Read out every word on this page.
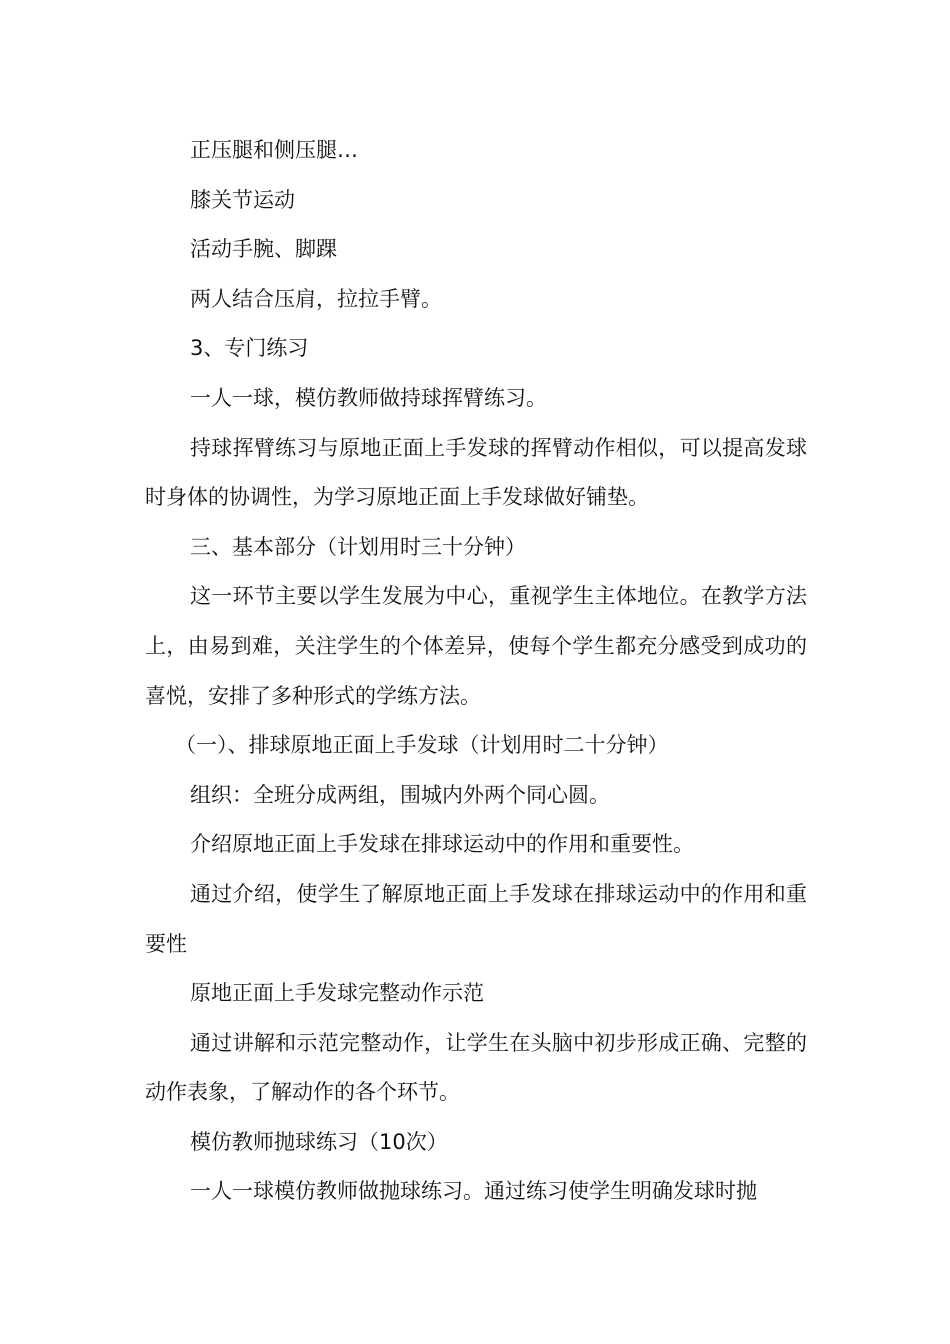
正压腿和侧压腿…

膝关节运动

活动手腕、脚踝

两人结合压肩，拉拉手臂。

3、专门练习

一人一球，模仿教师做持球挥臂练习。

持球挥臂练习与原地正面上手发球的挥臂动作相似，可以提高发球时身体的协调性，为学习原地正面上手发球做好铺垫。

三、基本部分（计划用时三十分钟）

这一环节主要以学生发展为中心，重视学生主体地位。在教学方法上，由易到难，关注学生的个体差异，使每个学生都充分感受到成功的喜悦，安排了多种形式的学练方法。

（一）、排球原地正面上手发球（计划用时二十分钟）

组织：全班分成两组，围城内外两个同心圆。

介绍原地正面上手发球在排球运动中的作用和重要性。

通过介绍，使学生了解原地正面上手发球在排球运动中的作用和重要性

原地正面上手发球完整动作示范

通过讲解和示范完整动作，让学生在头脑中初步形成正确、完整的动作表象，了解动作的各个环节。

模仿教师抛球练习（10次）

一人一球模仿教师做抛球练习。通过练习使学生明确发球时抛
